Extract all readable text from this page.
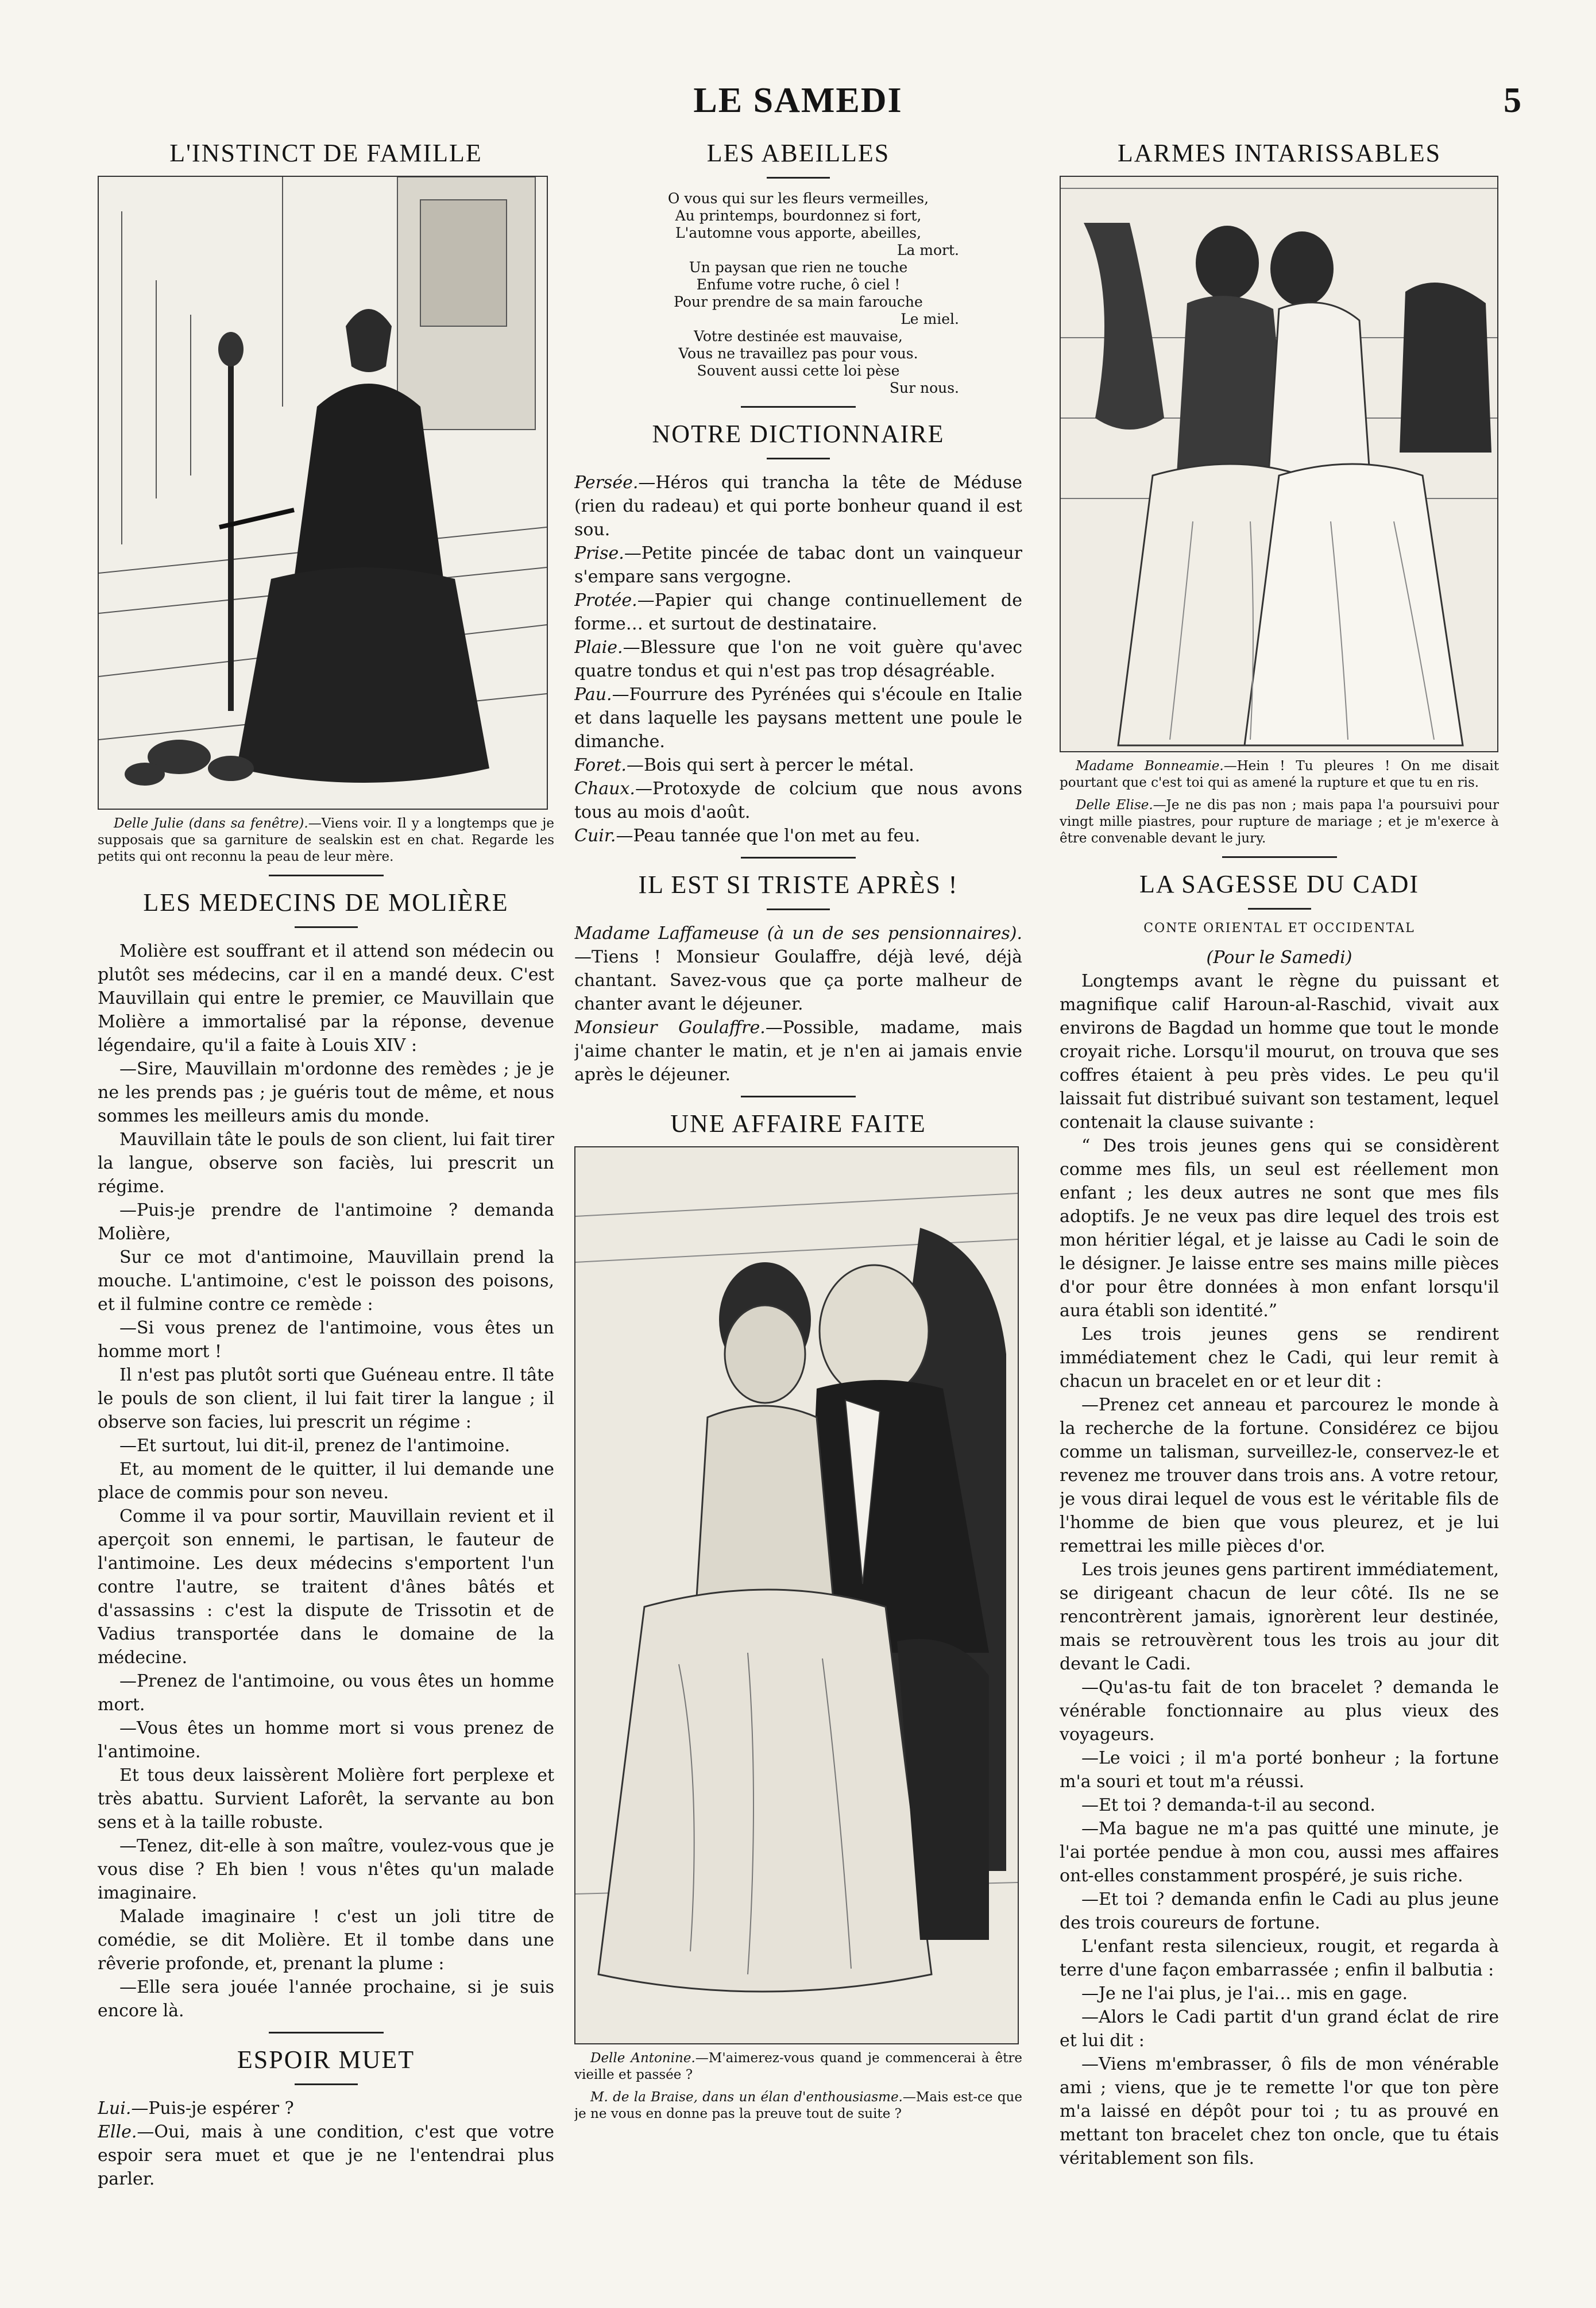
LE SAMEDI	5
L'INSTINCT DE FAMILLE

Delle Julie (dans sa fenêtre).—Viens voir. Il y a longtemps que je supposais que sa garniture de sealskin est en chat. Regarde les petits qui ont reconnu la peau de leur mère.

LES MEDECINS DE MOLIÈRE

Molière est souffrant et il attend son médecin ou plutôt ses médecins, car il en a mandé deux. C'est Mauvillain qui entre le premier, ce Mauvillain que Molière a immortalisé par la réponse, devenue légendaire, qu'il a faite à Louis XIV :

—Sire, Mauvillain m'ordonne des remèdes ; je je ne les prends pas ; je guéris tout de même, et nous sommes les meilleurs amis du monde.

Mauvillain tâte le pouls de son client, lui fait tirer la langue, observe son faciès, lui prescrit un régime.

—Puis-je prendre de l'antimoine ? demanda Molière,

Sur ce mot d'antimoine, Mauvillain prend la mouche. L'antimoine, c'est le poisson des poisons, et il fulmine contre ce remède :

—Si vous prenez de l'antimoine, vous êtes un homme mort !

Il n'est pas plutôt sorti que Guéneau entre. Il tâte le pouls de son client, il lui fait tirer la langue ; il observe son facies, lui prescrit un régime :

—Et surtout, lui dit-il, prenez de l'antimoine.

Et, au moment de le quitter, il lui demande une place de commis pour son neveu.

Comme il va pour sortir, Mauvillain revient et il aperçoit son ennemi, le partisan, le fauteur de l'antimoine. Les deux médecins s'emportent l'un contre l'autre, se traitent d'ânes bâtés et d'assassins : c'est la dispute de Trissotin et de Vadius transportée dans le domaine de la médecine.

—Prenez de l'antimoine, ou vous êtes un homme mort.

—Vous êtes un homme mort si vous prenez de l'antimoine.

Et tous deux laissèrent Molière fort perplexe et très abattu. Survient Laforêt, la servante au bon sens et à la taille robuste.

—Tenez, dit-elle à son maître, voulez-vous que je vous dise ? Eh bien ! vous n'êtes qu'un malade imaginaire.

Malade imaginaire ! c'est un joli titre de comédie, se dit Molière. Et il tombe dans une rêverie profonde, et, prenant la plume :

—Elle sera jouée l'année prochaine, si je suis encore là.

ESPOIR MUET

Lui.—Puis-je espérer ?

Elle.—Oui, mais à une condition, c'est que votre espoir sera muet et que je ne l'entendrai plus parler.

LES ABEILLES
O vous qui sur les fleurs vermeilles,
Au printemps, bourdonnez si fort,
L'automne vous apporte, abeilles,
La mort.
Un paysan que rien ne touche
Enfume votre ruche, ô ciel !
Pour prendre de sa main farouche
Le miel.
Votre destinée est mauvaise,
Vous ne travaillez pas pour vous.
Souvent aussi cette loi pèse
Sur nous.
NOTRE DICTIONNAIRE

Persée.—Héros qui trancha la tête de Méduse (rien du radeau) et qui porte bonheur quand il est sou.

Prise.—Petite pincée de tabac dont un vainqueur s'empare sans vergogne.

Protée.—Papier qui change continuellement de forme… et surtout de destinataire.

Plaie.—Blessure que l'on ne voit guère qu'avec quatre tondus et qui n'est pas trop désagréable.

Pau.—Fourrure des Pyrénées qui s'écoule en Italie et dans laquelle les paysans mettent une poule le dimanche.

Foret.—Bois qui sert à percer le métal.

Chaux.—Protoxyde de colcium que nous avons tous au mois d'août.

Cuir.—Peau tannée que l'on met au feu.

IL EST SI TRISTE APRÈS !

Madame Laffameuse (à un de ses pensionnaires).—Tiens ! Monsieur Goulaffre, déjà levé, déjà chantant. Savez-vous que ça porte malheur de chanter avant le déjeuner.

Monsieur Goulaffre.—Possible, madame, mais j'aime chanter le matin, et je n'en ai jamais envie après le déjeuner.

UNE AFFAIRE FAITE

Delle Antonine.—M'aimerez-vous quand je commencerai à être vieille et passée ?

M. de la Braise, dans un élan d'enthousiasme.—Mais est-ce que je ne vous en donne pas la preuve tout de suite ?

LARMES INTARISSABLES

Madame Bonneamie.—Hein ! Tu pleures ! On me disait pourtant que c'est toi qui as amené la rupture et que tu en ris.

Delle Elise.—Je ne dis pas non ; mais papa l'a poursuivi pour vingt mille piastres, pour rupture de mariage ; et je m'exerce à être convenable devant le jury.

LA SAGESSE DU CADI
CONTE ORIENTAL ET OCCIDENTAL

(Pour le Samedi)

Longtemps avant le règne du puissant et magnifique calif Haroun-al-Raschid, vivait aux environs de Bagdad un homme que tout le monde croyait riche. Lorsqu'il mourut, on trouva que ses coffres étaient à peu près vides. Le peu qu'il laissait fut distribué suivant son testament, lequel contenait la clause suivante :

“ Des trois jeunes gens qui se considèrent comme mes fils, un seul est réellement mon enfant ; les deux autres ne sont que mes fils adoptifs. Je ne veux pas dire lequel des trois est mon héritier légal, et je laisse au Cadi le soin de le désigner. Je laisse entre ses mains mille pièces d'or pour être données à mon enfant lorsqu'il aura établi son identité.”

Les trois jeunes gens se rendirent immédiatement chez le Cadi, qui leur remit à chacun un bracelet en or et leur dit :

—Prenez cet anneau et parcourez le monde à la recherche de la fortune. Considérez ce bijou comme un talisman, surveillez-le, conservez-le et revenez me trouver dans trois ans. A votre retour, je vous dirai lequel de vous est le véritable fils de l'homme de bien que vous pleurez, et je lui remettrai les mille pièces d'or.

Les trois jeunes gens partirent immédiatement, se dirigeant chacun de leur côté. Ils ne se rencontrèrent jamais, ignorèrent leur destinée, mais se retrouvèrent tous les trois au jour dit devant le Cadi.

—Qu'as-tu fait de ton bracelet ? demanda le vénérable fonctionnaire au plus vieux des voyageurs.

—Le voici ; il m'a porté bonheur ; la fortune m'a souri et tout m'a réussi.

—Et toi ? demanda-t-il au second.

—Ma bague ne m'a pas quitté une minute, je l'ai portée pendue à mon cou, aussi mes affaires ont-elles constamment prospéré, je suis riche.

—Et toi ? demanda enfin le Cadi au plus jeune des trois coureurs de fortune.

L'enfant resta silencieux, rougit, et regarda à terre d'une façon embarrassée ; enfin il balbutia :

—Je ne l'ai plus, je l'ai… mis en gage.

—Alors le Cadi partit d'un grand éclat de rire et lui dit :

—Viens m'embrasser, ô fils de mon vénérable ami ; viens, que je te remette l'or que ton père m'a laissé en dépôt pour toi ; tu as prouvé en mettant ton bracelet chez ton oncle, que tu étais véritablement son fils.
